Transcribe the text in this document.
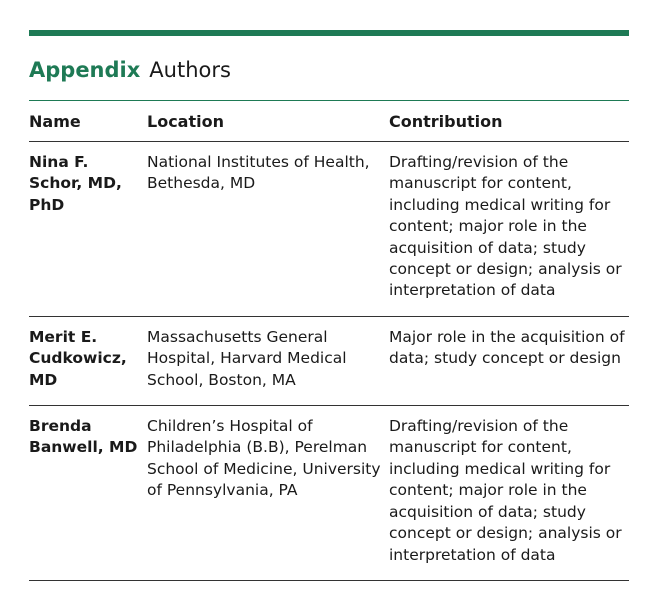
Appendix Authors
Name	Location	Contribution
Nina F. Schor, MD, PhD	National Institutes of Health, Bethesda, MD	Drafting/revision of the manuscript for content, including medical writing for content; major role in the acquisition of data; study concept or design; analysis or interpretation of data
Merit E. Cudkowicz, MD	Massachusetts General Hospital, Harvard Medical School, Boston, MA	Major role in the acquisition of data; study concept or design
Brenda Banwell, MD	Children’s Hospital of Philadelphia (B.B), Perelman School of Medicine, University of Pennsylvania, PA	Drafting/revision of the manuscript for content, including medical writing for content; major role in the acquisition of data; study concept or design; analysis or interpretation of data
